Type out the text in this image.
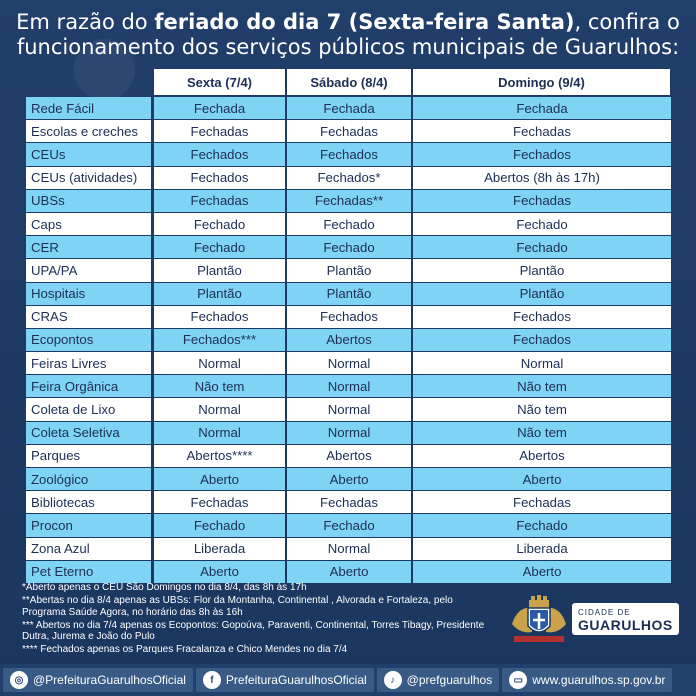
Em razão do feriado do dia 7 (Sexta-feira Santa), confira o
funcionamento dos serviços públicos municipais de Guarulhos:
Sexta (7/4)	Sábado (8/4)	Domingo (9/4)
Rede Fácil	Fechada	Fechada	Fechada
Escolas e creches	Fechadas	Fechadas	Fechadas
CEUs	Fechados	Fechados	Fechados
CEUs (atividades)	Fechados	Fechados*	Abertos (8h às 17h)
UBSs	Fechadas	Fechadas**	Fechadas
Caps	Fechado	Fechado	Fechado
CER	Fechado	Fechado	Fechado
UPA/PA	Plantão	Plantão	Plantão
Hospitais	Plantão	Plantão	Plantão
CRAS	Fechados	Fechados	Fechados
Ecopontos	Fechados***	Abertos	Fechados
Feiras Livres	Normal	Normal	Normal
Feira Orgânica	Não tem	Normal	Não tem
Coleta de Lixo	Normal	Normal	Não tem
Coleta Seletiva	Normal	Normal	Não tem
Parques	Abertos****	Abertos	Abertos
Zoológico	Aberto	Aberto	Aberto
Bibliotecas	Fechadas	Fechadas	Fechadas
Procon	Fechado	Fechado	Fechado
Zona Azul	Liberada	Normal	Liberada
Pet Eterno	Aberto	Aberto	Aberto

*Aberto apenas o CEU São Domingos no dia 8/4, das 8h às 17h

**Abertas no dia 8/4 apenas as UBSs: Flor da Montanha, Continental , Alvorada e Fortaleza, pelo Programa Saúde Agora, no horário das 8h às 16h

*** Abertos no dia 7/4 apenas os Ecopontos: Gopoúva, Paraventi, Continental, Torres Tibagy, Presidente Dutra, Jurema e João do Pulo

**** Fechados apenas os Parques Fracalanza e Chico Mendes no dia 7/4

CIDADE DE
GUARULHOS
◎ @PrefeituraGuarulhosOficial	f	PrefeituraGuarulhosOficial	♪ @prefguarulhos	▭ www.guarulhos.sp.gov.br
